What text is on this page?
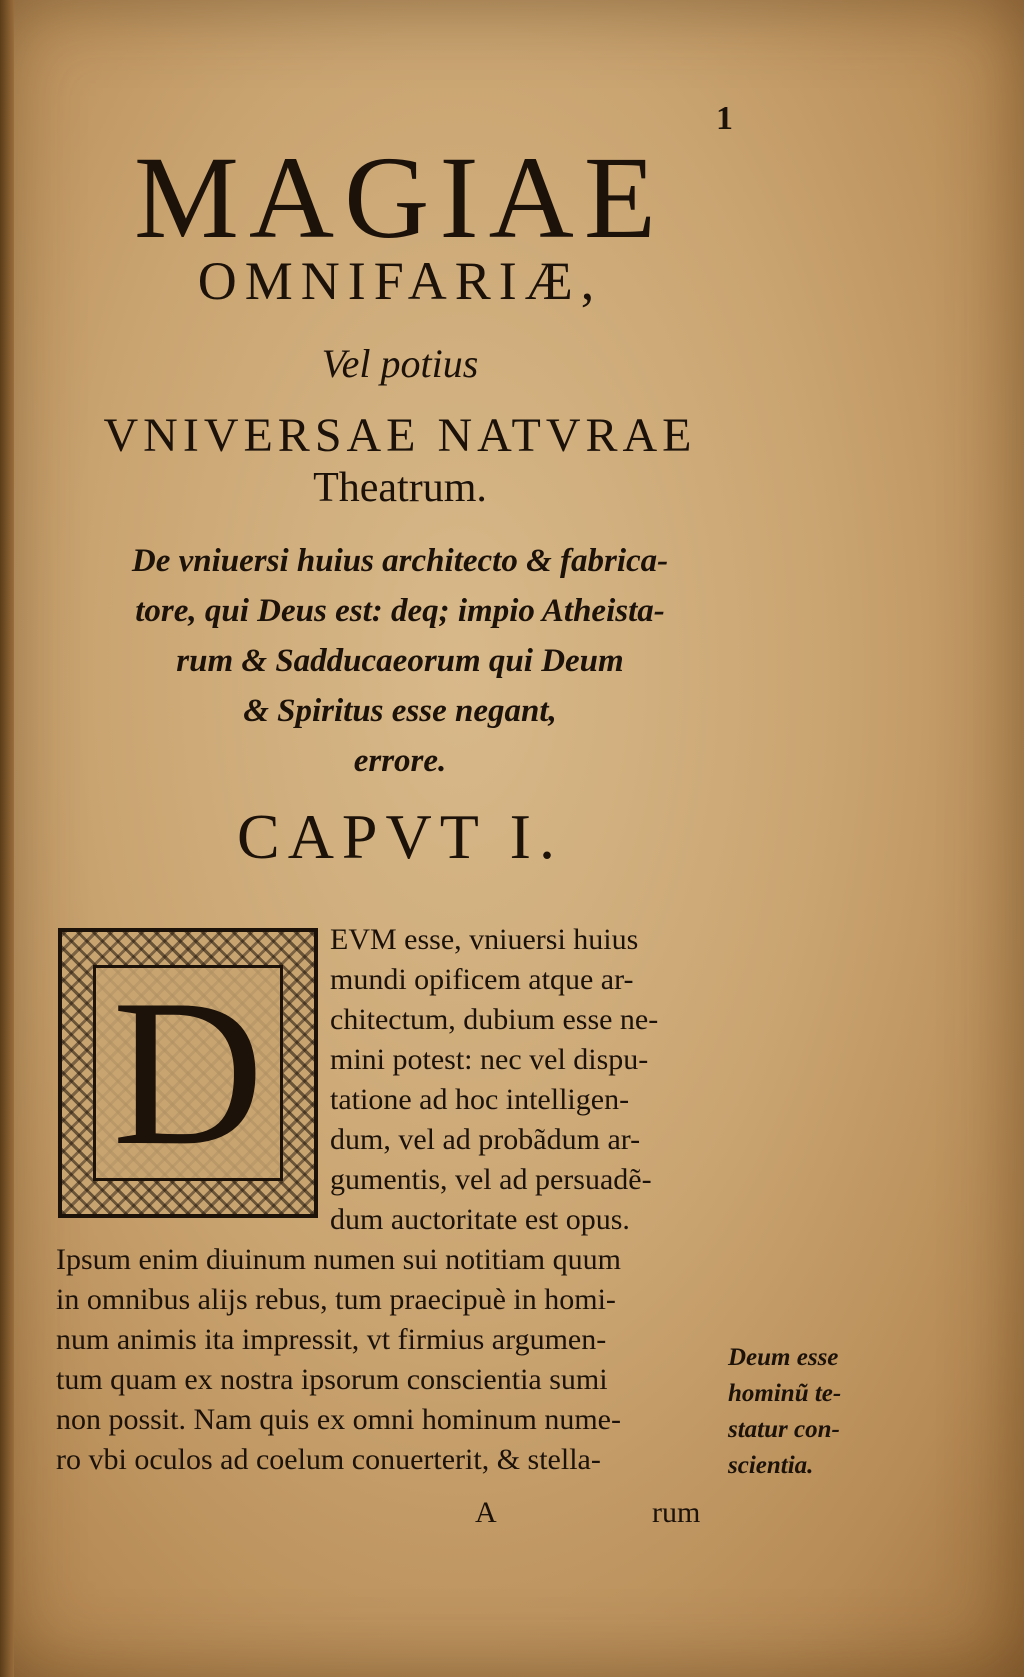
1
MAGIAE
OMNIFARIÆ,
Vel potius
VNIVERSAE NATVRAE
Theatrum.
De vniuersi huius architecto & fabrica-
tore, qui Deus est: deq; impio Atheista-
rum & Sadducaeorum qui Deum
& Spiritus esse negant,
errore.
CAPVT I.
D
EVM esse, vniuersi huius
mundi opificem atque ar-
chitectum, dubium esse ne-
mini potest: nec vel dispu-
tatione ad hoc intelligen-
dum, vel ad probãdum ar-
gumentis, vel ad persuadẽ-
dum auctoritate est opus.
Ipsum enim diuinum numen sui notitiam quum
in omnibus alijs rebus, tum praecipuè in homi-
num animis ita impressit, vt firmius argumen-
tum quam ex nostra ipsorum conscientia sumi
non possit. Nam quis ex omni hominum nume-
ro vbi oculos ad coelum conuerterit, & stella-
Deum esse
hominũ te-
statur con-
scientia.
A	rum
